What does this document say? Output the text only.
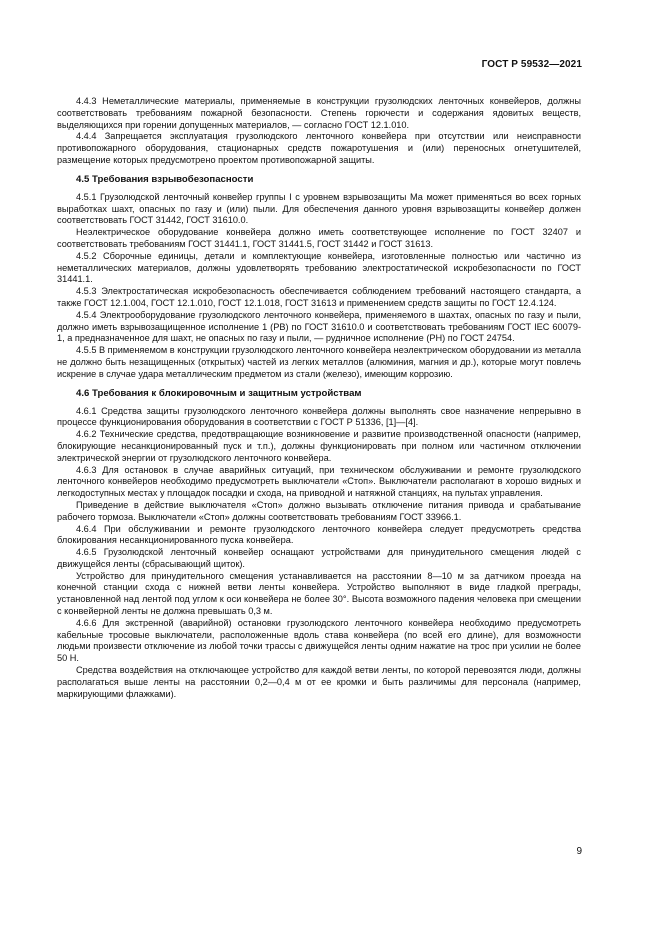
ГОСТ Р 59532—2021

4.4.3 Неметаллические материалы, применяемые в конструкции грузолюдских ленточных конвейеров, должны соответствовать требованиям пожарной безопасности. Степень горючести и содержания ядовитых веществ, выделяющихся при горении допущенных материалов, — согласно ГОСТ 12.1.010.

4.4.4 Запрещается эксплуатация грузолюдского ленточного конвейера при отсутствии или неисправности противопожарного оборудования, стационарных средств пожаротушения и (или) переносных огнетушителей, размещение которых предусмотрено проектом противопожарной защиты.

4.5 Требования взрывобезопасности

4.5.1 Грузолюдской ленточный конвейер группы I с уровнем взрывозащиты Ма может применяться во всех горных выработках шахт, опасных по газу и (или) пыли. Для обеспечения данного уровня взрывозащиты конвейер должен соответствовать ГОСТ 31442, ГОСТ 31610.0.

Неэлектрическое оборудование конвейера должно иметь соответствующее исполнение по ГОСТ 32407 и соответствовать требованиям ГОСТ 31441.1, ГОСТ 31441.5, ГОСТ 31442 и ГОСТ 31613.

4.5.2 Сборочные единицы, детали и комплектующие конвейера, изготовленные полностью или частично из неметаллических материалов, должны удовлетворять требованию электростатической искробезопасности по ГОСТ 31441.1.

4.5.3 Электростатическая искробезопасность обеспечивается соблюдением требований настоящего стандарта, а также ГОСТ 12.1.004, ГОСТ 12.1.010, ГОСТ 12.1.018, ГОСТ 31613 и применением средств защиты по ГОСТ 12.4.124.

4.5.4 Электрооборудование грузолюдского ленточного конвейера, применяемого в шахтах, опасных по газу и пыли, должно иметь взрывозащищенное исполнение 1 (РВ) по ГОСТ 31610.0 и соответствовать требованиям ГОСТ IEC 60079-1, а предназначенное для шахт, не опасных по газу и пыли, — рудничное исполнение (РН) по ГОСТ 24754.

4.5.5 В применяемом в конструкции грузолюдского ленточного конвейера неэлектрическом оборудовании из металла не должно быть незащищенных (открытых) частей из легких металлов (алюминия, магния и др.), которые могут повлечь искрение в случае удара металлическим предметом из стали (железо), имеющим коррозию.

4.6 Требования к блокировочным и защитным устройствам

4.6.1 Средства защиты грузолюдского ленточного конвейера должны выполнять свое назначение непрерывно в процессе функционирования оборудования в соответствии с ГОСТ Р 51336, [1]—[4].

4.6.2 Технические средства, предотвращающие возникновение и развитие производственной опасности (например, блокирующие несанкционированный пуск и т.п.), должны функционировать при полном или частичном отключении электрической энергии от грузолюдского ленточного конвейера.

4.6.3 Для остановок в случае аварийных ситуаций, при техническом обслуживании и ремонте грузолюдского ленточного конвейеров необходимо предусмотреть выключатели «Стоп». Выключатели располагают в хорошо видных и легкодоступных местах у площадок посадки и схода, на приводной и натяжной станциях, на пультах управления.

Приведение в действие выключателя «Стоп» должно вызывать отключение питания привода и срабатывание рабочего тормоза. Выключатели «Стоп» должны соответствовать требованиям ГОСТ 33966.1.

4.6.4 При обслуживании и ремонте грузолюдского ленточного конвейера следует предусмотреть средства блокирования несанкционированного пуска конвейера.

4.6.5 Грузолюдской ленточный конвейер оснащают устройствами для принудительного смещения людей с движущейся ленты (сбрасывающий щиток).

Устройство для принудительного смещения устанавливается на расстоянии 8—10 м за датчиком проезда на конечной станции схода с нижней ветви ленты конвейера. Устройство выполняют в виде гладкой преграды, установленной над лентой под углом к оси конвейера не более 30°. Высота возможного падения человека при смещении с конвейерной ленты не должна превышать 0,3 м.

4.6.6 Для экстренной (аварийной) остановки грузолюдского ленточного конвейера необходимо предусмотреть кабельные тросовые выключатели, расположенные вдоль става конвейера (по всей его длине), для возможности людьми произвести отключение из любой точки трассы с движущейся ленты одним нажатие на трос при усилии не более 50 Н.

Средства воздействия на отключающее устройство для каждой ветви ленты, по которой перевозятся люди, должны располагаться выше ленты на расстоянии 0,2—0,4 м от ее кромки и быть различимы для персонала (например, маркирующими флажками).

9
